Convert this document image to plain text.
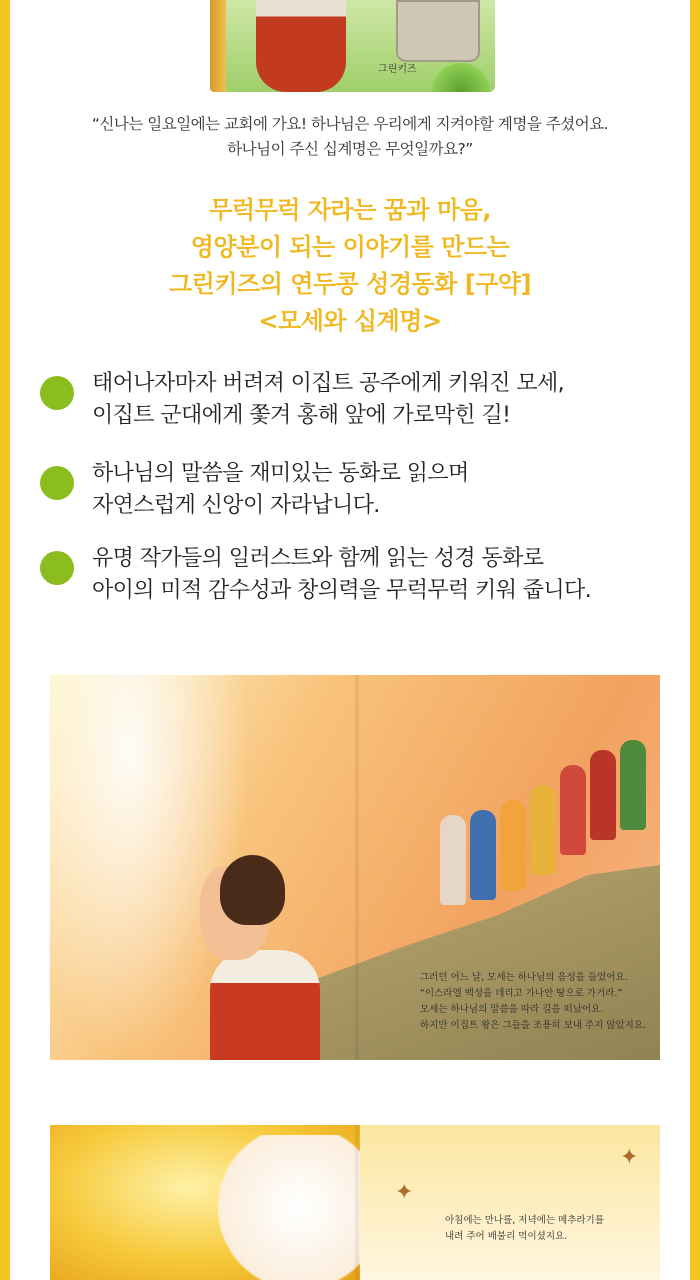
그린키즈
“신나는 일요일에는 교회에 가요! 하나님은 우리에게 지켜야할 계명을 주셨어요.
하나님이 주신 십계명은 무엇일까요?”
무럭무럭 자라는 꿈과 마음,
영양분이 되는 이야기를 만드는
그린키즈의 연두콩 성경동화 [구약]
<모세와 십계명>
태어나자마자 버려져 이집트 공주에게 키워진 모세,
이집트 군대에게 쫓겨 홍해 앞에 가로막힌 길!
하나님의 말씀을 재미있는 동화로 읽으며
자연스럽게 신앙이 자라납니다.
유명 작가들의 일러스트와 함께 읽는 성경 동화로
아이의 미적 감수성과 창의력을 무럭무럭 키워 줍니다.
그러던 어느 날, 모세는 하나님의 음성을 들었어요.
“이스라엘 백성을 데리고 가나안 땅으로 가거라.”
모세는 하나님의 말씀을 따라 길을 떠났어요.
하지만 이집트 왕은 그들을 조용히 보내 주지 않았지요.
✦
✦
아침에는 만나를, 저녁에는 메추라기를
내려 주어 배불리 먹이셨지요.
